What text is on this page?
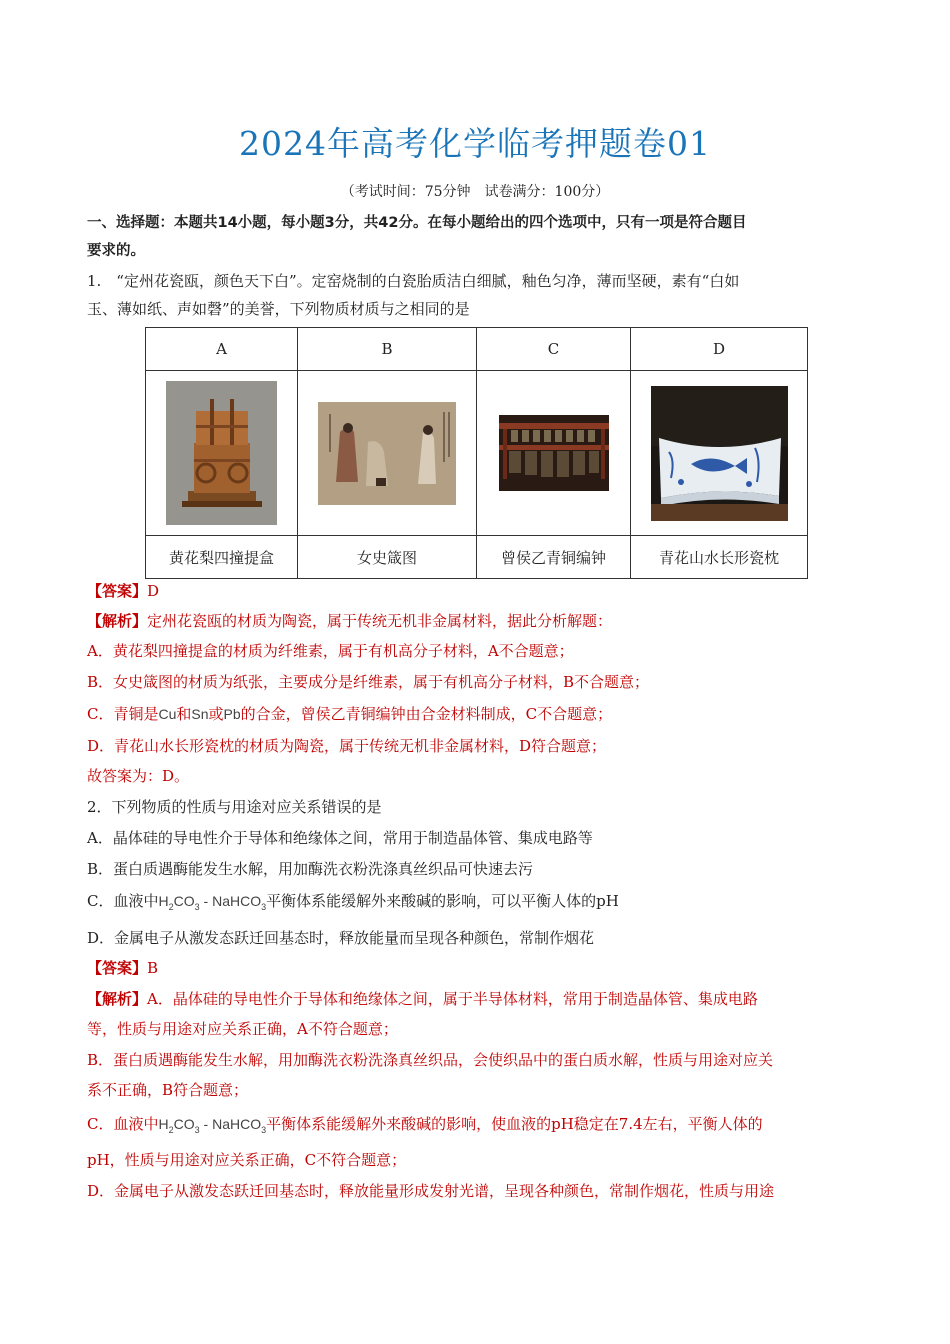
2024年高考化学临考押题卷01
（考试时间：75分钟　试卷满分：100分）
一、选择题：本题共14小题，每小题3分，共42分。在每小题给出的四个选项中，只有一项是符合题目
要求的。
1.　“定州花瓷瓯，颜色天下白”。定窑烧制的白瓷胎质洁白细腻，釉色匀净，薄而坚硬，素有“白如
玉、薄如纸、声如磬”的美誉，下列物质材质与之相同的是
A	B	C	D

黄花梨四撞提盒	女史箴图	曾侯乙青铜编钟	青花山水长形瓷枕
【答案】D
【解析】定州花瓷瓯的材质为陶瓷，属于传统无机非金属材料，据此分析解题：
A．黄花梨四撞提盒的材质为纤维素，属于有机高分子材料，A不合题意；
B．女史箴图的材质为纸张，主要成分是纤维素，属于有机高分子材料，B不合题意；
C．青铜是Cu和Sn或Pb的合金，曾侯乙青铜编钟由合金材料制成，C不合题意；
D．青花山水长形瓷枕的材质为陶瓷，属于传统无机非金属材料，D符合题意；
故答案为：D。
2．下列物质的性质与用途对应关系错误的是
A．晶体硅的导电性介于导体和绝缘体之间，常用于制造晶体管、集成电路等
B．蛋白质遇酶能发生水解，用加酶洗衣粉洗涤真丝织品可快速去污
C．血液中$H_2CO_3$ - NaHCO$_3$平衡体系能缓解外来酸碱的影响，可以平衡人体的pH
D．金属电子从激发态跃迁回基态时，释放能量而呈现各种颜色，常制作烟花
【答案】B
【解析】A．晶体硅的导电性介于导体和绝缘体之间，属于半导体材料，常用于制造晶体管、集成电路
等，性质与用途对应关系正确，A不符合题意；
B．蛋白质遇酶能发生水解，用加酶洗衣粉洗涤真丝织品，会使织品中的蛋白质水解，性质与用途对应关
系不正确，B符合题意；
C．血液中$H_2CO_3$ - NaHCO$_3$平衡体系能缓解外来酸碱的影响，使血液的pH稳定在7.4左右，平衡人体的
pH，性质与用途对应关系正确，C不符合题意；
D．金属电子从激发态跃迁回基态时，释放能量形成发射光谱，呈现各种颜色，常制作烟花，性质与用途
